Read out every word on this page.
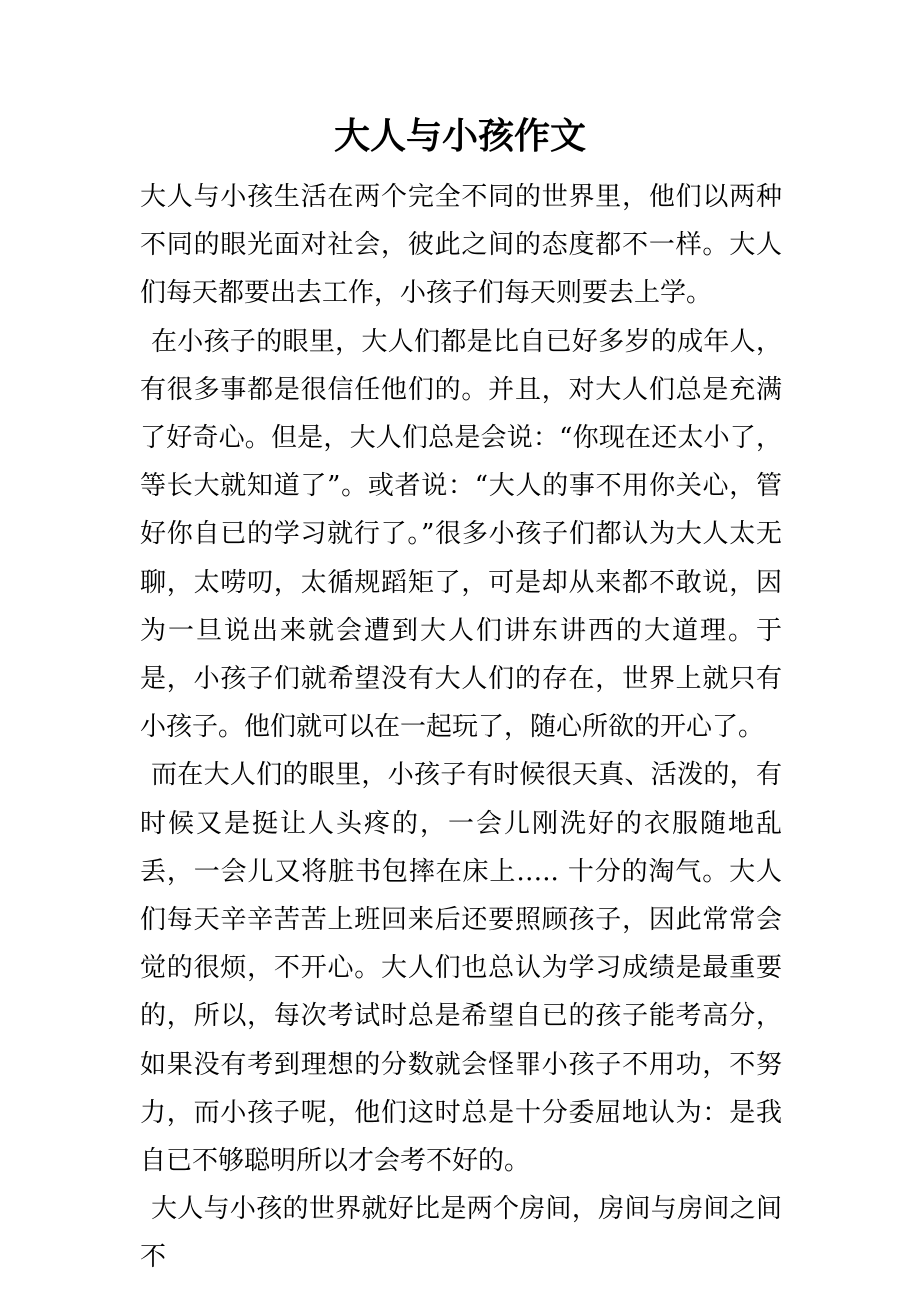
大人与小孩作文

大人与小孩生活在两个完全不同的世界里，他们以两种不同的眼光面对社会，彼此之间的态度都不一样。大人们每天都要出去工作，小孩子们每天则要去上学。

在小孩子的眼里，大人们都是比自已好多岁的成年人，有很多事都是很信任他们的。并且，对大人们总是充满了好奇心。但是，大人们总是会说：“你现在还太小了，等长大就知道了”。或者说：“大人的事不用你关心，管好你自已的学习就行了。”很多小孩子们都认为大人太无聊，太唠叨，太循规蹈矩了，可是却从来都不敢说，因为一旦说出来就会遭到大人们讲东讲西的大道理。于是，小孩子们就希望没有大人们的存在，世界上就只有小孩子。他们就可以在一起玩了，随心所欲的开心了。

而在大人们的眼里，小孩子有时候很天真、活泼的，有时候又是挺让人头疼的，一会儿刚洗好的衣服随地乱丢，一会儿又将脏书包摔在床上….. 十分的淘气。大人们每天辛辛苦苦上班回来后还要照顾孩子，因此常常会觉的很烦，不开心。大人们也总认为学习成绩是最重要的，所以，每次考试时总是希望自已的孩子能考高分，如果没有考到理想的分数就会怪罪小孩子不用功，不努力，而小孩子呢，他们这时总是十分委屈地认为：是我自已不够聪明所以才会考不好的。

大人与小孩的世界就好比是两个房间，房间与房间之间不
